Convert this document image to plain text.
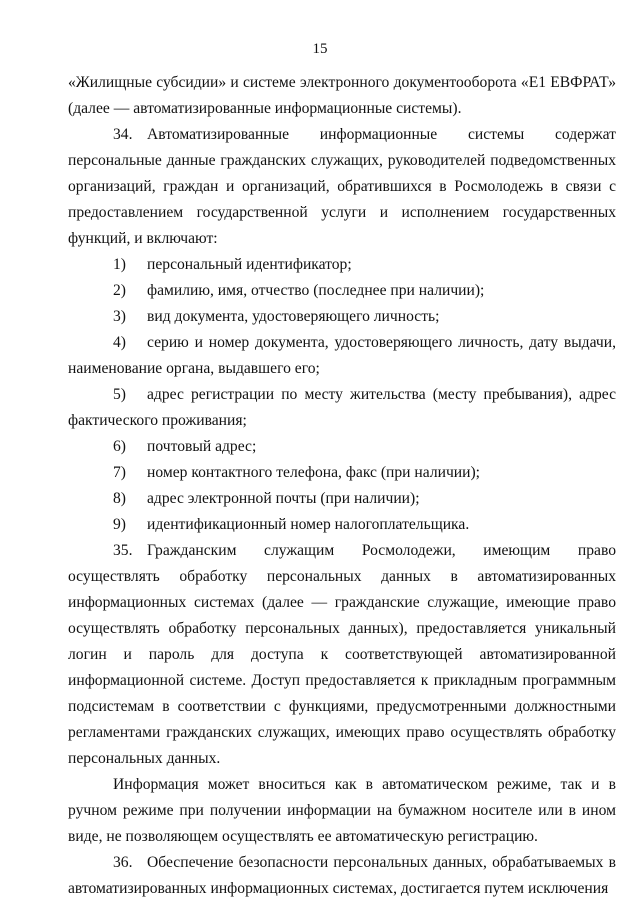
15

«Жилищные субсидии» и системе электронного документооборота «Е1 ЕВФРАТ» (далее — автоматизированные информационные системы).

34. Автоматизированные информационные системы содержат персональные данные гражданских служащих, руководителей подведомственных организаций, граждан и организаций, обратившихся в Росмолодежь в связи с предоставлением государственной услуги и исполнением государственных функций, и включают:

1) персональный идентификатор;

2) фамилию, имя, отчество (последнее при наличии);

3) вид документа, удостоверяющего личность;

4) серию и номер документа, удостоверяющего личность, дату выдачи, наименование органа, выдавшего его;

5) адрес регистрации по месту жительства (месту пребывания), адрес фактического проживания;

6) почтовый адрес;

7) номер контактного телефона, факс (при наличии);

8) адрес электронной почты (при наличии);

9) идентификационный номер налогоплательщика.

35. Гражданским служащим Росмолодежи, имеющим право осуществлять обработку персональных данных в автоматизированных информационных системах (далее — гражданские служащие, имеющие право осуществлять обработку персональных данных), предоставляется уникальный логин и пароль для доступа к соответствующей автоматизированной информационной системе. Доступ предоставляется к прикладным программным подсистемам в соответствии с функциями, предусмотренными должностными регламентами гражданских служащих, имеющих право осуществлять обработку персональных данных.

Информация может вноситься как в автоматическом режиме, так и в ручном режиме при получении информации на бумажном носителе или в ином виде, не позволяющем осуществлять ее автоматическую регистрацию.

36. Обеспечение безопасности персональных данных, обрабатываемых в автоматизированных информационных системах, достигается путем исключения
